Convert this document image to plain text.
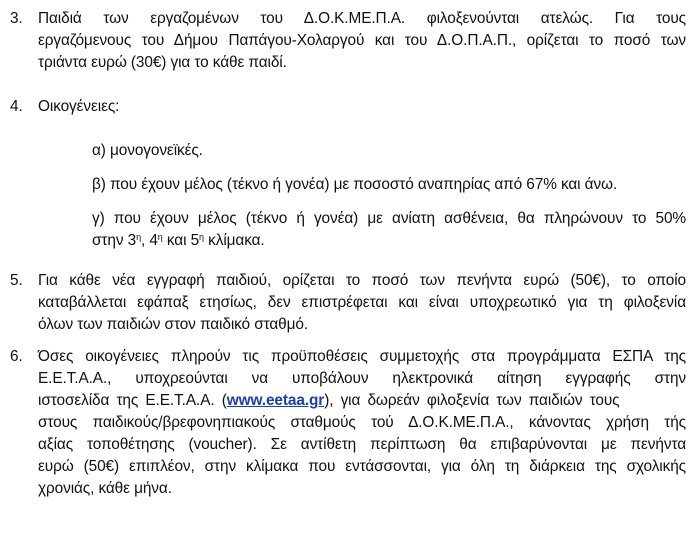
3. Παιδιά των εργαζομένων του Δ.Ο.Κ.ΜΕ.Π.Α. φιλοξενούνται ατελώς. Για τους
εργαζόμενους του Δήμου Παπάγου-Χολαργού και του Δ.Ο.Π.Α.Π., ορίζεται το ποσό των
τριάντα ευρώ (30€) για το κάθε παιδί.
4. Οικογένειες:
α) μονογονεϊκές.
β) που έχουν μέλος (τέκνο ή γονέα) με ποσοστό αναπηρίας από 67% και άνω.
γ) που έχουν μέλος (τέκνο ή γονέα) με ανίατη ασθένεια, θα πληρώνουν το 50%
στην $3^\eta$, $4^\eta$ και $5^\eta$ κλίμακα.
5. Για κάθε νέα εγγραφή παιδιού, ορίζεται το ποσό των πενήντα ευρώ (50€), το οποίο
καταβάλλεται εφάπαξ ετησίως, δεν επιστρέφεται και είναι υποχρεωτικό για τη φιλοξενία
όλων των παιδιών στον παιδικό σταθμό.
6. Όσες οικογένειες πληρούν τις προϋποθέσεις συμμετοχής στα προγράμματα ΕΣΠΑ της
Ε.Ε.Τ.Α.Α., υποχρεούνται να υποβάλουν ηλεκτρονικά αίτηση εγγραφής στην
ιστοσελίδα της Ε.Ε.Τ.Α.Α. (www.eetaa.gr), για δωρεάν φιλοξενία των παιδιών τους
στους παιδικούς/βρεφονηπιακούς σταθμούς τού Δ.Ο.Κ.ΜΕ.Π.Α., κάνοντας χρήση τής
αξίας τοποθέτησης (voucher). Σε αντίθετη περίπτωση θα επιβαρύνονται με πενήντα
ευρώ (50€) επιπλέον, στην κλίμακα που εντάσσονται, για όλη τη διάρκεια της σχολικής
χρονιάς, κάθε μήνα.
